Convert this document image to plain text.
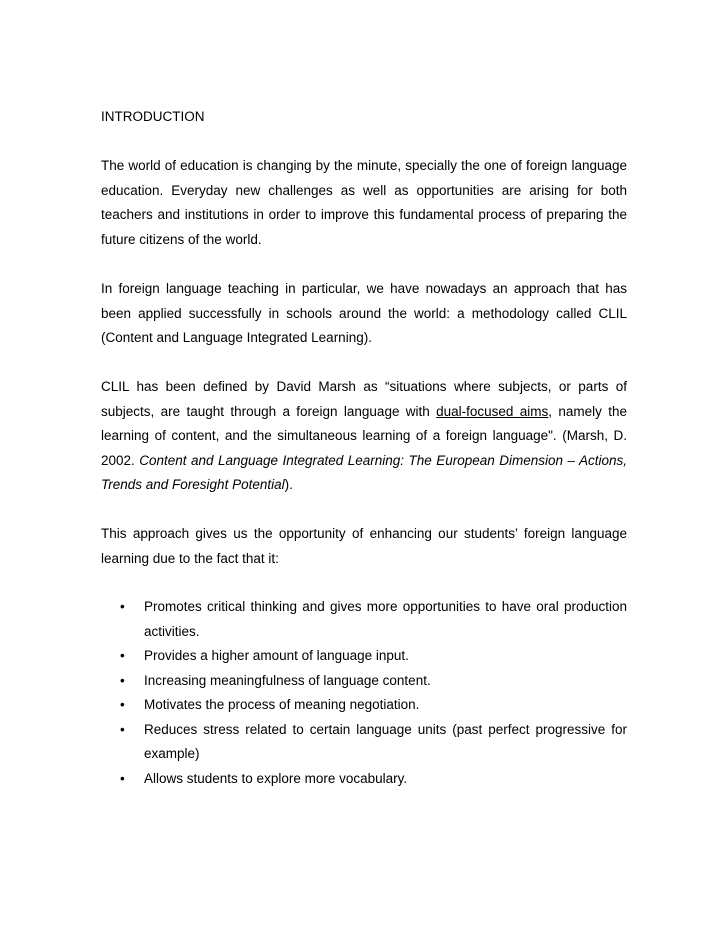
INTRODUCTION

The world of education is changing by the minute, specially the one of foreign language education. Everyday new challenges as well as opportunities are arising for both teachers and institutions in order to improve this fundamental process of preparing the future citizens of the world.

In foreign language teaching in particular, we have nowadays an approach that has been applied successfully in schools around the world: a methodology called CLIL (Content and Language Integrated Learning).

CLIL has been defined by David Marsh as “situations where subjects, or parts of subjects, are taught through a foreign language with dual-focused aims, namely the learning of content, and the simultaneous learning of a foreign language". (Marsh, D. 2002. Content and Language Integrated Learning: The European Dimension – Actions, Trends and Foresight Potential).

This approach gives us the opportunity of enhancing our students’ foreign language learning due to the fact that it:

• Promotes critical thinking and gives more opportunities to have oral production activities.
• Provides a higher amount of language input.
• Increasing meaningfulness of language content.
• Motivates the process of meaning negotiation.
• Reduces stress related to certain language units (past perfect progressive for example)
• Allows students to explore more vocabulary.
